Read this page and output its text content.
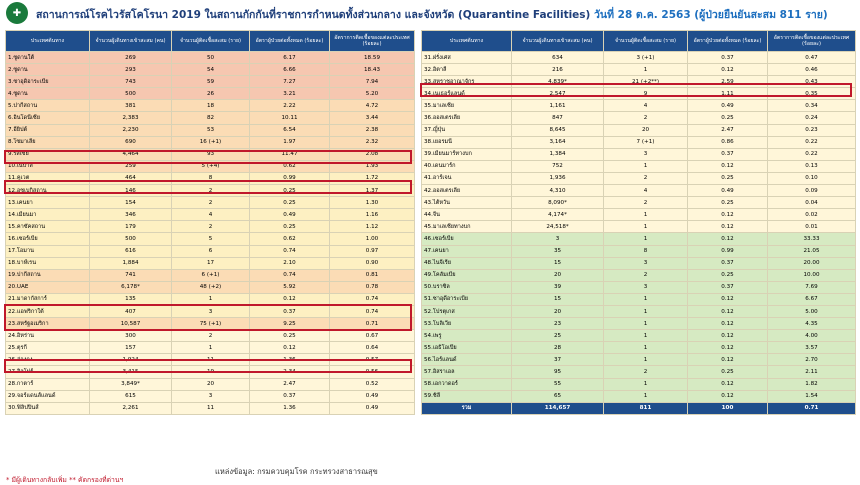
✚	สถานการณ์โรคไวรัสโคโรนา 2019 ในสถานกักกันที่ราชการกำหนดทั้งส่วนกลาง และจังหวัด (Quarantine Facilities) วันที่ 28 ต.ค. 2563 (ผู้ป่วยยืนยันสะสม 811 ราย)
ประเทศต้นทาง	จำนวนผู้เดินทางเข้าสะสม (คน)	จำนวนผู้ติดเชื้อสะสม (ราย)	อัตราผู้ป่วยต่อทั้งหมด (ร้อยละ)	อัตราการติดเชื้อของแต่ละประเทศ (ร้อยละ)
1.ซูดานใต้	269	50	6.17	18.59
2.ซูดาน	293	54	6.66	18.43
3.ซาอุดิอาระเบีย	743	59	7.27	7.94
4.ซูดาน	500	26	3.21	5.20
5.ปากีสถาน	381	18	2.22	4.72
6.อินโดนีเซีย	2,383	82	10.11	3.44
7.อียิปต์	2,230	53	6.54	2.38
8.โซมาเลีย	690	16 (+1)	1.97	2.32
9.รัสเซีย	4,464	93	11.47	2.08
10.เนปาล	259	5 (+4)	0.62	1.93
11.คูเวต	464	8	0.99	1.72
12.อุซเบกิสถาน	146	2	0.25	1.37
13.เคนยา	154	2	0.25	1.30
14.เมียนมา	346	4	0.49	1.16
15.คาซัคสถาน	179	2	0.25	1.12
16.เซอร์เบีย	500	5	0.62	1.00
17.โอมาน	616	6	0.74	0.97
18.บาห์เรน	1,884	17	2.10	0.90
19.ปากีสถาน	741	6 (+1)	0.74	0.81
20.UAE	6,178*	48 (+2)	5.92	0.78
21.มาดากัสการ์	135	1	0.12	0.74
22.แอฟริกาใต้	407	3	0.37	0.74
23.สหรัฐอเมริกา	10,587	75 (+1)	9.25	0.71
24.อิหร่าน	300	2	0.25	0.67
25.ตุรกี	157	1	0.12	0.64
26.ฮ่องกง	1,924	11	1.36	0.57
27.ฮิลโปร์	3,415	19	2.34	0.56
28.กาตาร์	3,849*	20	2.47	0.52
29.จอร์แดนส์แลนด์	615	3	0.37	0.49
30.ฟิลิปปินส์	2,261	11	1.36	0.49
ประเทศต้นทาง	จำนวนผู้เดินทางเข้าสะสม (คน)	จำนวนผู้ติดเชื้อสะสม (ราย)	อัตราผู้ป่วยต่อทั้งหมด (ร้อยละ)	อัตราการติดเชื้อของแต่ละประเทศ (ร้อยละ)
31.ฝรั่งเศส	634	3 (+1)	0.37	0.47
32.อิตาลี	216	1	0.12	0.46
33.สหราชอาณาจักร	4,839*	21 (+2**)	2.59	0.43
34.เนเธอร์แลนด์	2,547	9	1.11	0.35
35.มาเลเซีย	1,161	4	0.49	0.34
36.ออสเตรเลีย	847	2	0.25	0.24
37.ญี่ปุ่น	8,645	20	2.47	0.23
38.เยอรมนี	3,164	7 (+1)	0.86	0.22
39.เมียนมาร์ทางบก	1,384	3	0.37	0.22
40.เดนมาร์ก	752	1	0.12	0.13
41.อาร์เจน	1,936	2	0.25	0.10
42.ออสเตรเลีย	4,310	4	0.49	0.09
43.ไต้หวัน	8,090*	2	0.25	0.04
44.จีน	4,174*	1	0.12	0.02
45.มาเลเซียทางบก	24,518*	1	0.12	0.01
46.เซอร์เบีย	3	1	0.12	33.33
47.เคนยา	35	8	0.99	21.05
48.ไนจีเรีย	15	3	0.37	20.00
49.โคลัมเบีย	20	2	0.25	10.00
50.บราซิล	39	3	0.37	7.69
51.ซาอุดีอาระเบีย	15	1	0.12	6.67
52.โปรตุเกส	20	1	0.12	5.00
53.โบลิเวีย	23	1	0.12	4.35
54.เพรู	25	1	0.12	4.00
55.เอธิโอเปีย	28	1	0.12	3.57
56.ไอร์แลนด์	37	1	0.12	2.70
57.อิสราเอล	95	2	0.25	2.11
58.เอกวาดอร์	55	1	0.12	1.82
59.ชิลี	65	1	0.12	1.54
รวม	114,657	811	100	0.71
แหล่งข้อมูล: กรมควบคุมโรค กระทรวงสาธารณสุข
* มีผู้เดินทางกลับเพิ่ม ** คัดกรองที่ด่านฯ
